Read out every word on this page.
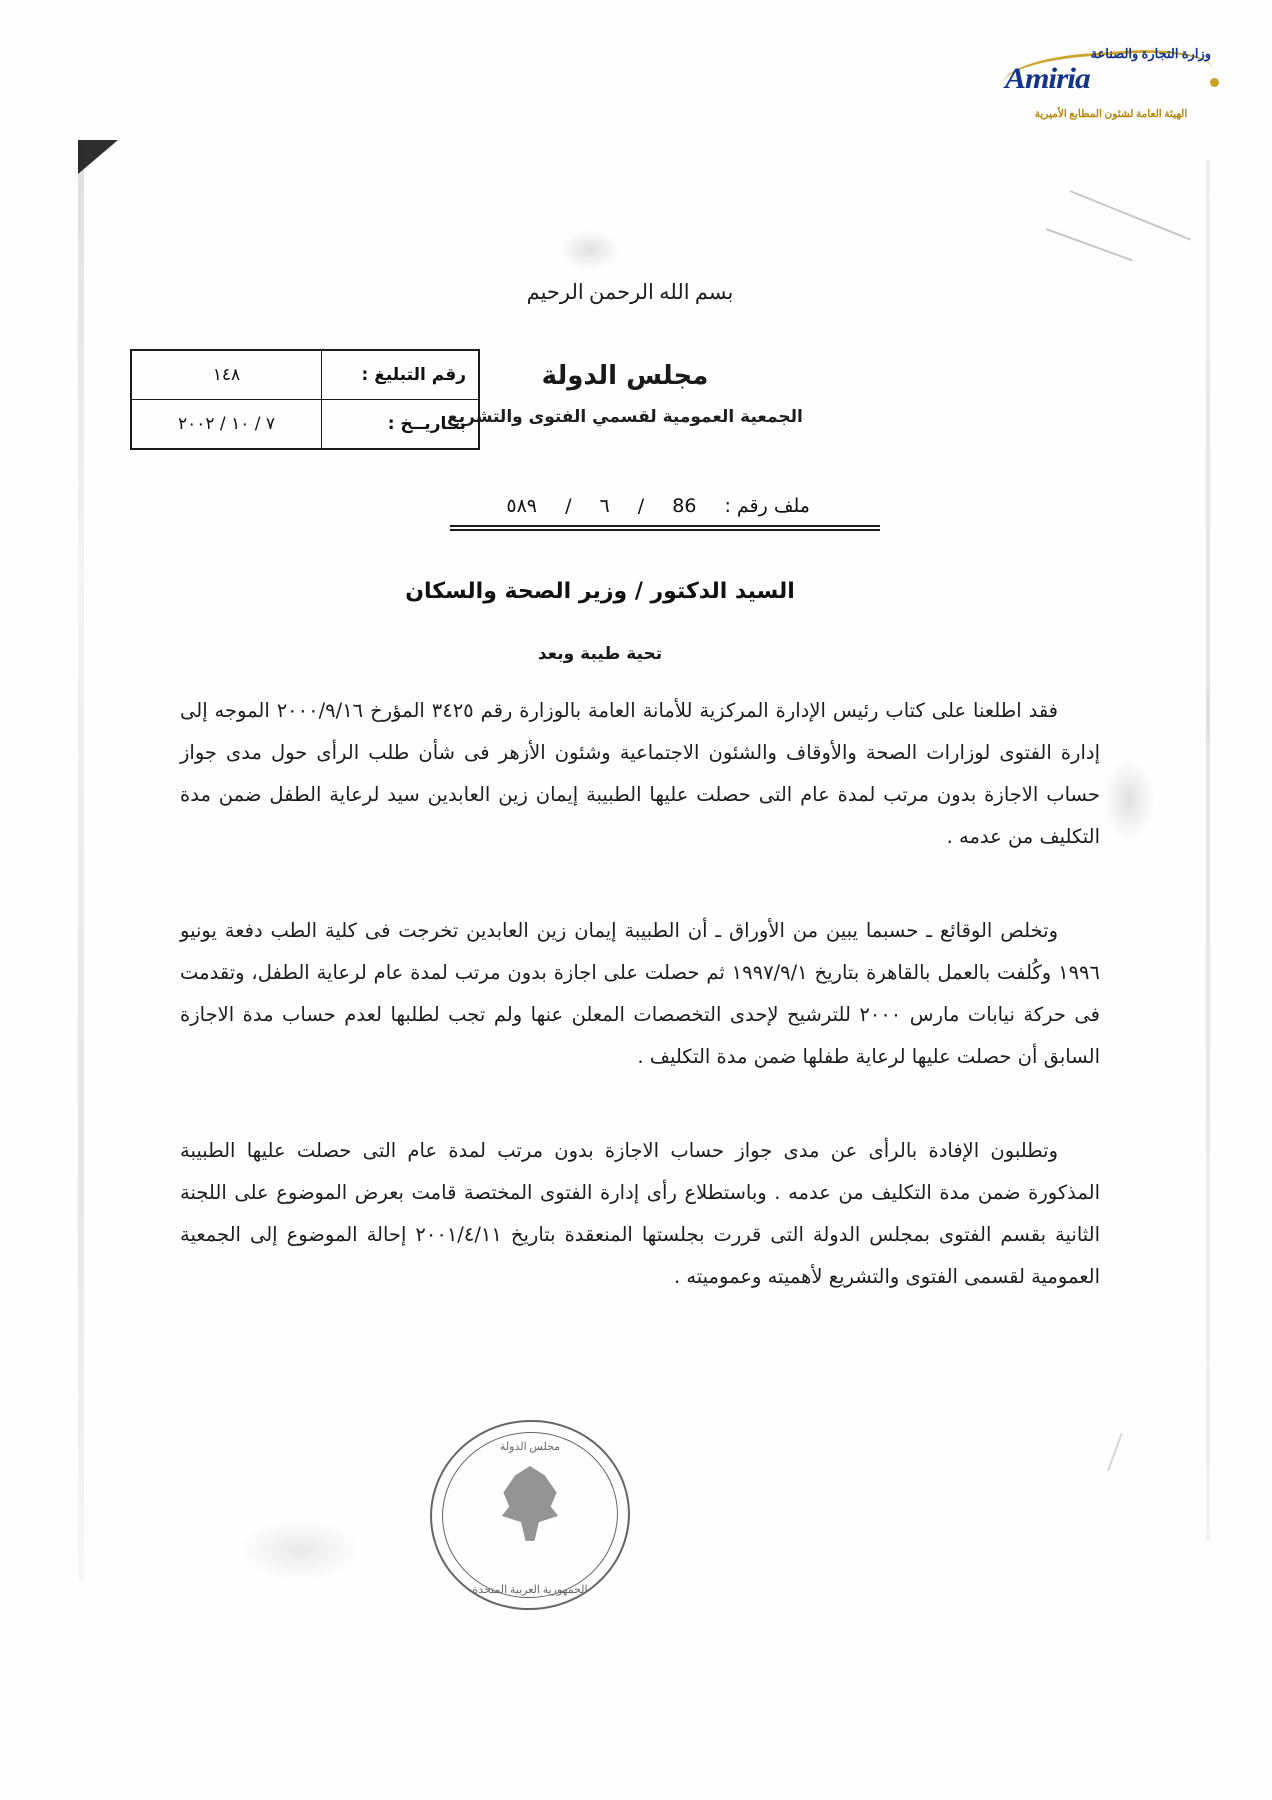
وزارة التجارة والصناعة
Amiria
الهيئة العامة لشئون المطابع الأميرية
بسم الله الرحمن الرحيم
رقم التبليغ :	١٤٨
بتـاريــخ :	٧ / ١٠ / ٢٠٠٢
مجلس الدولة
الجمعية العمومية لقسمي الفتوى والتشريع
ملف رقم : 86 / ٦ / ٥٨٩
السيد الدكتور / وزير الصحة والسكان
تحية طيبة وبعد
فقد اطلعنا على كتاب رئيس الإدارة المركزية للأمانة العامة بالوزارة رقم ٣٤٢٥ المؤرخ ٢٠٠٠/٩/١٦ الموجه إلى إدارة الفتوى لوزارات الصحة والأوقاف والشئون الاجتماعية وشئون الأزهر فى شأن طلب الرأى حول مدى جواز حساب الاجازة بدون مرتب لمدة عام التى حصلت عليها الطبيبة إيمان زين العابدين سيد لرعاية الطفل ضمن مدة التكليف من عدمه .
وتخلص الوقائع ـ حسبما يبين من الأوراق ـ أن الطبيبة إيمان زين العابدين تخرجت فى كلية الطب دفعة يونيو ١٩٩٦ وكُلفت بالعمل بالقاهرة بتاريخ ١٩٩٧/٩/١ ثم حصلت على اجازة بدون مرتب لمدة عام لرعاية الطفل، وتقدمت فى حركة نيابات مارس ٢٠٠٠ للترشيح لإحدى التخصصات المعلن عنها ولم تجب لطلبها لعدم حساب مدة الاجازة السابق أن حصلت عليها لرعاية طفلها ضمن مدة التكليف .
وتطلبون الإفادة بالرأى عن مدى جواز حساب الاجازة بدون مرتب لمدة عام التى حصلت عليها الطبيبة المذكورة ضمن مدة التكليف من عدمه . وباستطلاع رأى إدارة الفتوى المختصة قامت بعرض الموضوع على اللجنة الثانية بقسم الفتوى بمجلس الدولة التى قررت بجلستها المنعقدة بتاريخ ٢٠٠١/٤/١١ إحالة الموضوع إلى الجمعية العمومية لقسمى الفتوى والتشريع لأهميته وعموميته .
مجلس الدولة
الجمهورية العربية المتحدة
